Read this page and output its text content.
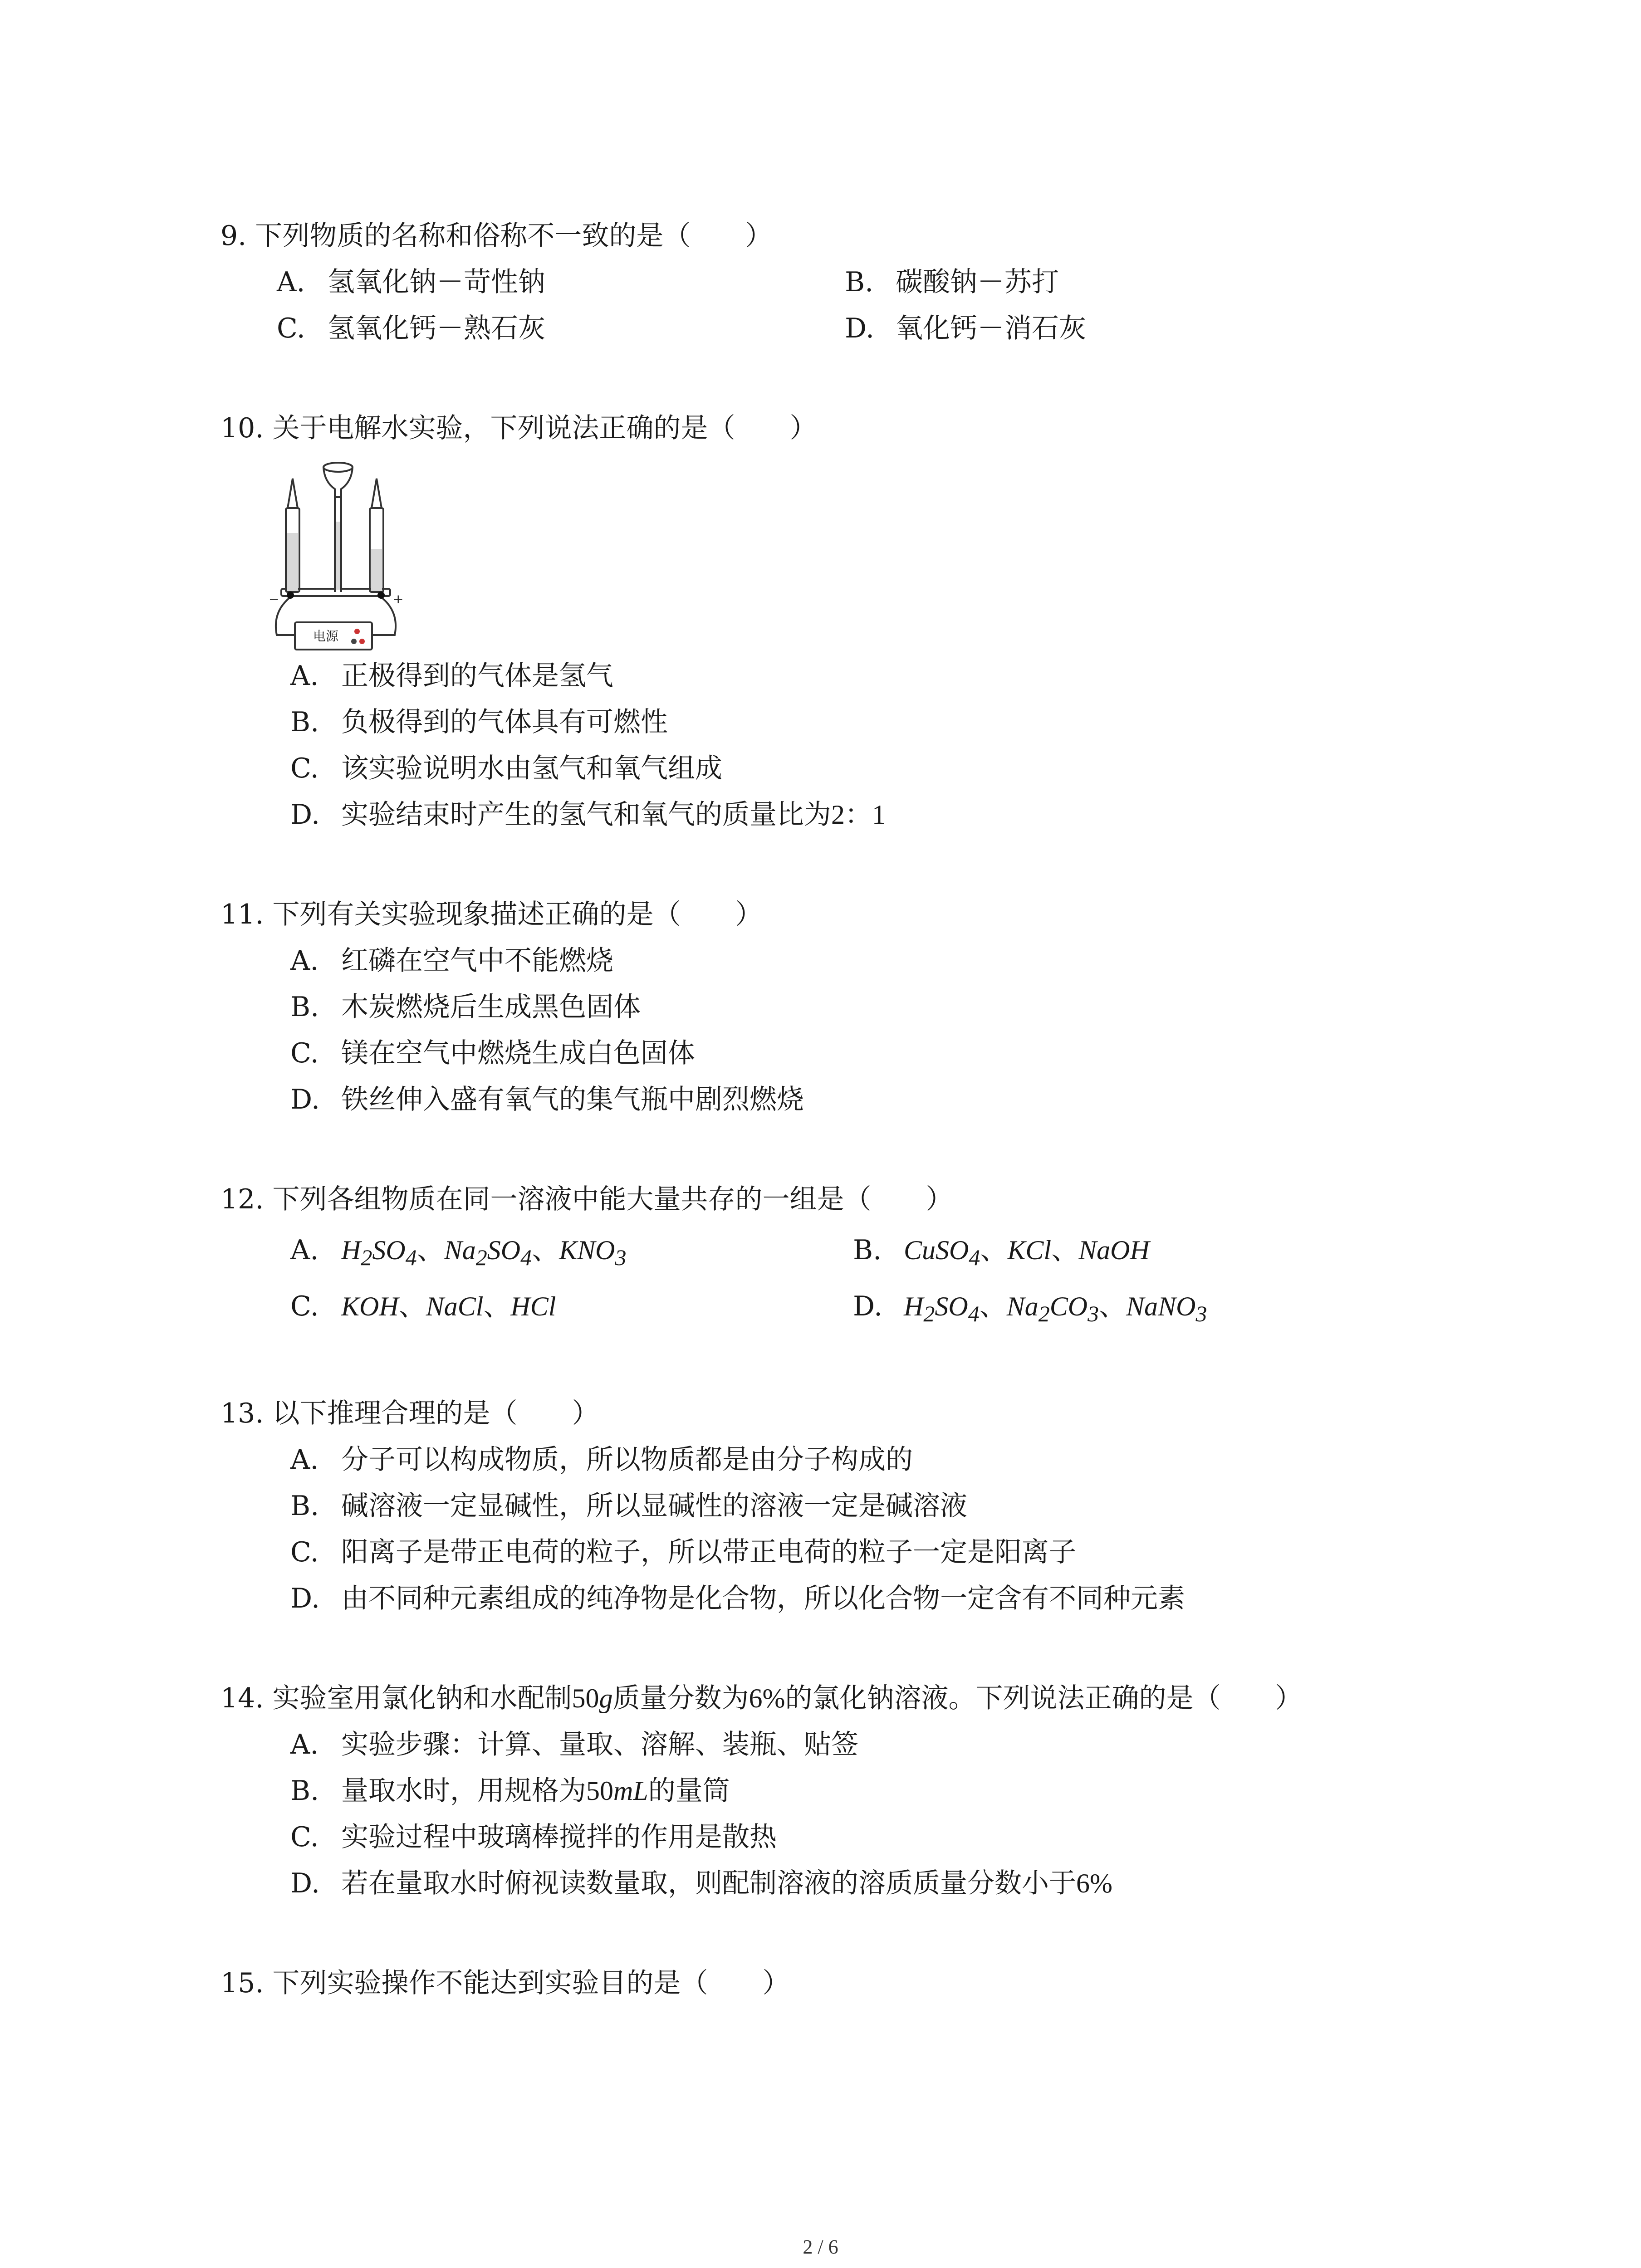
9. 下列物质的名称和俗称不一致的是（　　）
A. 氢氧化钠－苛性钠	B. 碳酸钠－苏打
C. 氢氧化钙－熟石灰	D. 氧化钙－消石灰
10. 关于电解水实验，下列说法正确的是（　　）
电源
−	+
A. 正极得到的气体是氢气
B. 负极得到的气体具有可燃性
C. 该实验说明水由氢气和氧气组成
D. 实验结束时产生的氢气和氧气的质量比为2：1
11. 下列有关实验现象描述正确的是（　　）
A. 红磷在空气中不能燃烧
B. 木炭燃烧后生成黑色固体
C. 镁在空气中燃烧生成白色固体
D. 铁丝伸入盛有氧气的集气瓶中剧烈燃烧
12. 下列各组物质在同一溶液中能大量共存的一组是（　　）
A. $H_2SO_4$、$Na_2SO_4$、$KNO_3$	B. CuSO$_4$、KCl、NaOH
C. KOH、NaCl、HCl	D. $H_2SO_4$、$Na_2CO_3$、NaNO$_3$
13. 以下推理合理的是（　　）
A. 分子可以构成物质，所以物质都是由分子构成的
B. 碱溶液一定显碱性，所以显碱性的溶液一定是碱溶液
C. 阳离子是带正电荷的粒子，所以带正电荷的粒子一定是阳离子
D. 由不同种元素组成的纯净物是化合物，所以化合物一定含有不同种元素
14. 实验室用氯化钠和水配制50g质量分数为6%的氯化钠溶液。下列说法正确的是（　　）
A. 实验步骤：计算、量取、溶解、装瓶、贴签
B. 量取水时，用规格为50mL的量筒
C. 实验过程中玻璃棒搅拌的作用是散热
D. 若在量取水时俯视读数量取，则配制溶液的溶质质量分数小于6%
15. 下列实验操作不能达到实验目的是（　　）
2 / 6
